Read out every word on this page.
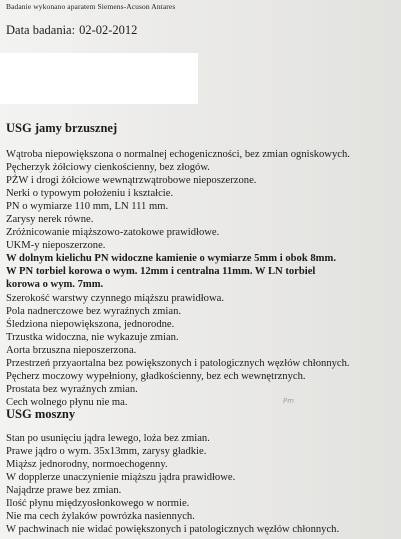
Badanie wykonano aparatem Siemens-Acuson Antares
Data badania: 02-02-2012
USG jamy brzusznej
Wątroba niepowiększona o normalnej echogeniczności, bez zmian ogniskowych.
Pęcherzyk żółciowy cienkościenny, bez złogów.
PŻW i drogi żółciowe wewnątrzwątrobowe nieposzerzone.
Nerki o typowym położeniu i kształcie.
PN o wymiarze 110 mm, LN 111 mm.
Zarysy nerek równe.
Zróżnicowanie miąższowo-zatokowe prawidłowe.
UKM-y nieposzerzone.
W dolnym kielichu PN widoczne kamienie o wymiarze 5mm i obok 8mm.
W PN torbiel korowa o wym. 12mm i centralna 11mm. W LN torbiel
korowa o wym. 7mm.
Szerokość warstwy czynnego miąższu prawidłowa.
Pola nadnerczowe bez wyraźnych zmian.
Śledziona niepowiększona, jednorodne.
Trzustka widoczna, nie wykazuje zmian.
Aorta brzuszna nieposzerzona.
Przestrzeń przyaortalna bez powiększonych i patologicznych węzłów chłonnych.
Pęcherz moczowy wypełniony, gładkościenny, bez ech wewnętrznych.
Prostata bez wyraźnych zmian.
Cech wolnego płynu nie ma.	Pm
USG moszny
Stan po usunięciu jądra lewego, loża bez zmian.
Prawe jądro o wym. 35x13mm, zarysy gładkie.
Miąższ jednorodny, normoechogenny.
W dopplerze unaczynienie miąższu jądra prawidłowe.
Najądrze prawe bez zmian.
Ilość płynu międzyosłonkowego w normie.
Nie ma cech żylaków powrózka nasiennych.
W pachwinach nie widać powiększonych i patologicznych węzłów chłonnych.
